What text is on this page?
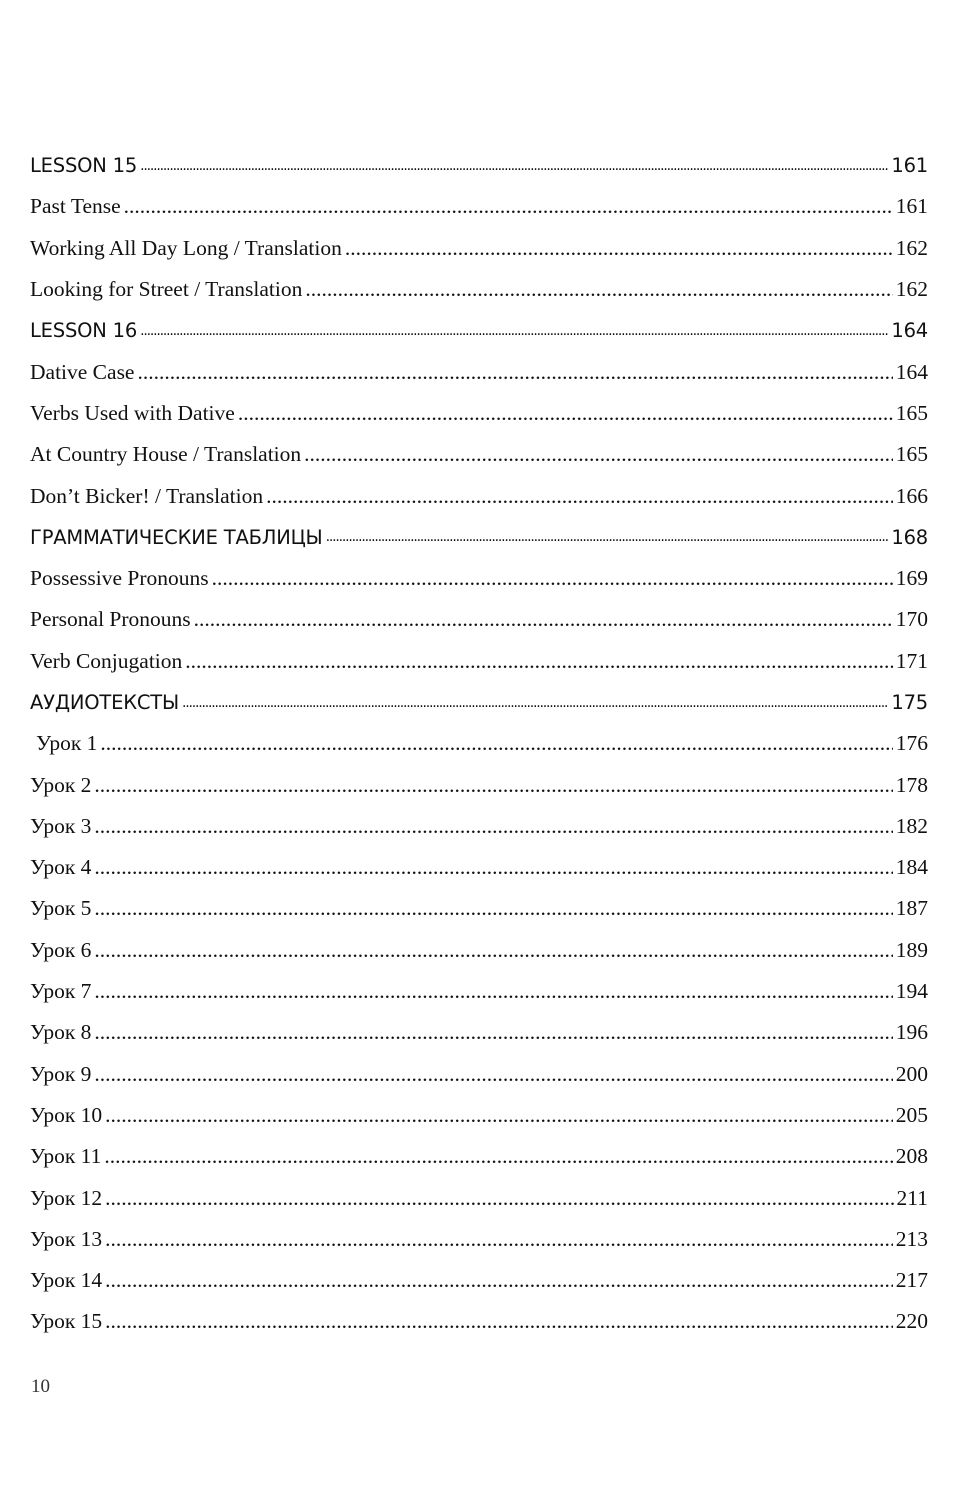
LESSON 15 .....	161
Past Tense .....	161
Working All Day Long / Translation .....	162
Looking for Street / Translation .....	162
LESSON 16 .....	164
Dative Case .....	164
Verbs Used with Dative .....	165
At Country House / Translation .....	165
Don’t Bicker! / Translation .....	166
ГРАММАТИЧЕСКИЕ ТАБЛИЦЫ .....	168
Possessive Pronouns .....	169
Personal Pronouns .....	170
Verb Conjugation .....	171
АУДИОТЕКСТЫ .....	175
Урок 1 .....	176
Урок 2 .....	178
Урок 3 .....	182
Урок 4 .....	184
Урок 5 .....	187
Урок 6 .....	189
Урок 7 .....	194
Урок 8 .....	196
Урок 9 .....	200
Урок 10 .....	205
Урок 11 .....	208
Урок 12 .....	211
Урок 13 .....	213
Урок 14 .....	217
Урок 15 .....	220
10
